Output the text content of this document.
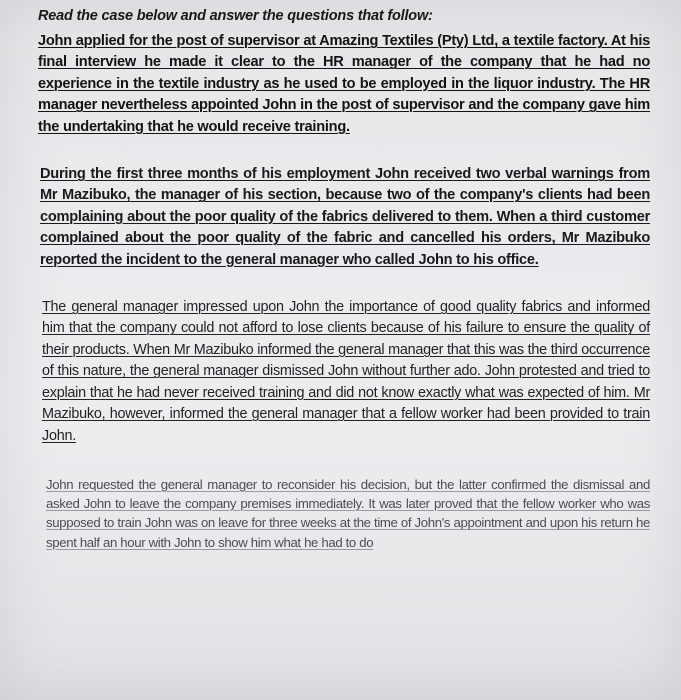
Read the case below and answer the questions that follow:

John applied for the post of supervisor at Amazing Textiles (Pty) Ltd, a textile factory. At his final interview he made it clear to the HR manager of the company that he had no experience in the textile industry as he used to be employed in the liquor industry. The HR manager nevertheless appointed John in the post of supervisor and the company gave him the undertaking that he would receive training.

During the first three months of his employment John received two verbal warnings from Mr Mazibuko, the manager of his section, because two of the company's clients had been complaining about the poor quality of the fabrics delivered to them. When a third customer complained about the poor quality of the fabric and cancelled his orders, Mr Mazibuko reported the incident to the general manager who called John to his office.

The general manager impressed upon John the importance of good quality fabrics and informed him that the company could not afford to lose clients because of his failure to ensure the quality of their products. When Mr Mazibuko informed the general manager that this was the third occurrence of this nature, the general manager dismissed John without further ado. John protested and tried to explain that he had never received training and did not know exactly what was expected of him. Mr Mazibuko, however, informed the general manager that a fellow worker had been provided to train John.

John requested the general manager to reconsider his decision, but the latter confirmed the dismissal and asked John to leave the company premises immediately. It was later proved that the fellow worker who was supposed to train John was on leave for three weeks at the time of John's appointment and upon his return he spent half an hour with John to show him what he had to do
